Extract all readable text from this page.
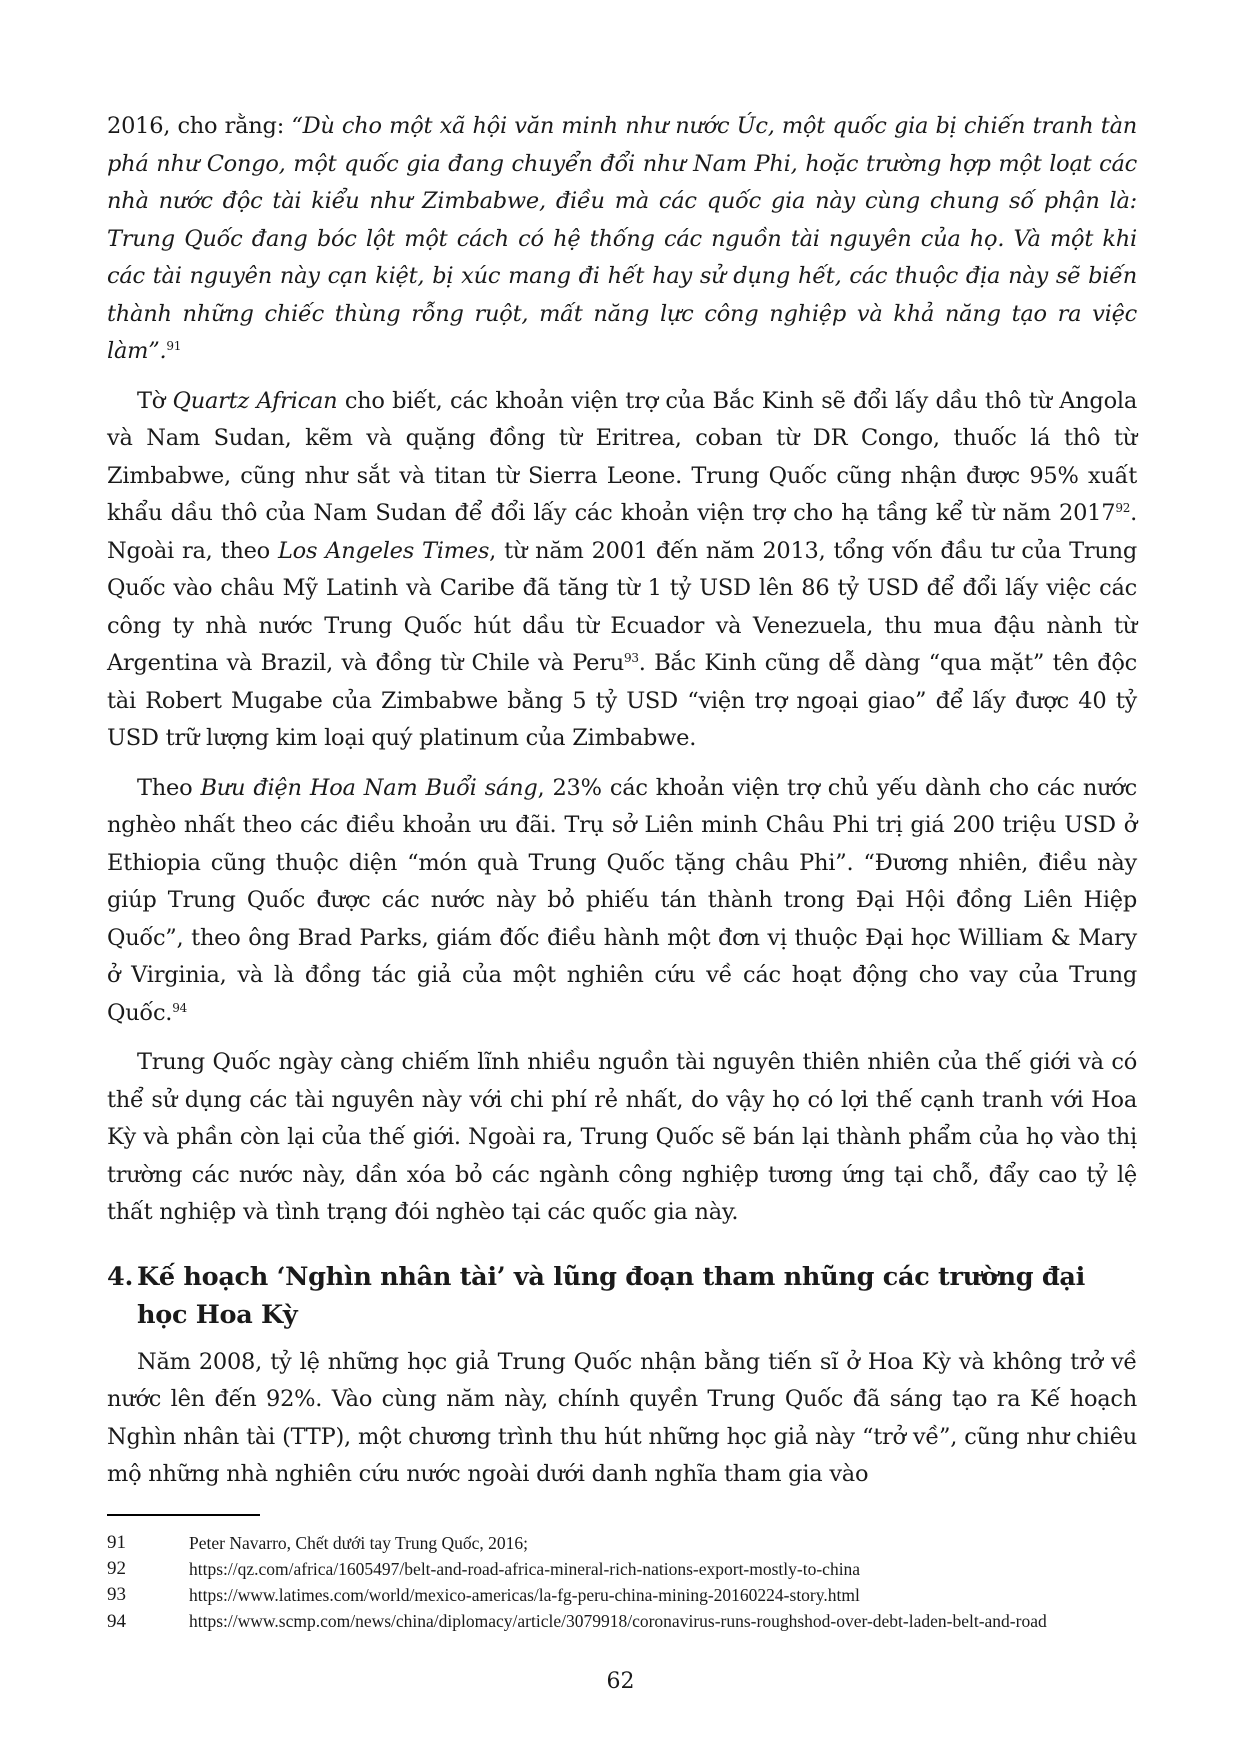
2016, cho rằng: “Dù cho một xã hội văn minh như nước Úc, một quốc gia bị chiến tranh tàn phá như Congo, một quốc gia đang chuyển đổi như Nam Phi, hoặc trường hợp một loạt các nhà nước độc tài kiểu như Zimbabwe, điều mà các quốc gia này cùng chung số phận là: Trung Quốc đang bóc lột một cách có hệ thống các nguồn tài nguyên của họ. Và một khi các tài nguyên này cạn kiệt, bị xúc mang đi hết hay sử dụng hết, các thuộc địa này sẽ biến thành những chiếc thùng rỗng ruột, mất năng lực công nghiệp và khả năng tạo ra việc làm”.$^{91}$

Tờ Quartz African cho biết, các khoản viện trợ của Bắc Kinh sẽ đổi lấy dầu thô từ Angola và Nam Sudan, kẽm và quặng đồng từ Eritrea, coban từ DR Congo, thuốc lá thô từ Zimbabwe, cũng như sắt và titan từ Sierra Leone. Trung Quốc cũng nhận được 95% xuất khẩu dầu thô của Nam Sudan để đổi lấy các khoản viện trợ cho hạ tầng kể từ năm 2017$^{92}$. Ngoài ra, theo Los Angeles Times, từ năm 2001 đến năm 2013, tổng vốn đầu tư của Trung Quốc vào châu Mỹ Latinh và Caribe đã tăng từ 1 tỷ USD lên 86 tỷ USD để đổi lấy việc các công ty nhà nước Trung Quốc hút dầu từ Ecuador và Venezuela, thu mua đậu nành từ Argentina và Brazil, và đồng từ Chile và Peru$^{93}$. Bắc Kinh cũng dễ dàng “qua mặt” tên độc tài Robert Mugabe của Zimbabwe bằng 5 tỷ USD “viện trợ ngoại giao” để lấy được 40 tỷ USD trữ lượng kim loại quý platinum của Zimbabwe.

Theo Bưu điện Hoa Nam Buổi sáng, 23% các khoản viện trợ chủ yếu dành cho các nước nghèo nhất theo các điều khoản ưu đãi. Trụ sở Liên minh Châu Phi trị giá 200 triệu USD ở Ethiopia cũng thuộc diện “món quà Trung Quốc tặng châu Phi”. “Đương nhiên, điều này giúp Trung Quốc được các nước này bỏ phiếu tán thành trong Đại Hội đồng Liên Hiệp Quốc”, theo ông Brad Parks, giám đốc điều hành một đơn vị thuộc Đại học William & Mary ở Virginia, và là đồng tác giả của một nghiên cứu về các hoạt động cho vay của Trung Quốc.$^{94}$

Trung Quốc ngày càng chiếm lĩnh nhiều nguồn tài nguyên thiên nhiên của thế giới và có thể sử dụng các tài nguyên này với chi phí rẻ nhất, do vậy họ có lợi thế cạnh tranh với Hoa Kỳ và phần còn lại của thế giới. Ngoài ra, Trung Quốc sẽ bán lại thành phẩm của họ vào thị trường các nước này, dần xóa bỏ các ngành công nghiệp tương ứng tại chỗ, đẩy cao tỷ lệ thất nghiệp và tình trạng đói nghèo tại các quốc gia này.

4. Kế hoạch ‘Nghìn nhân tài’ và lũng đoạn tham nhũng các trường đại học Hoa Kỳ

Năm 2008, tỷ lệ những học giả Trung Quốc nhận bằng tiến sĩ ở Hoa Kỳ và không trở về nước lên đến 92%. Vào cùng năm này, chính quyền Trung Quốc đã sáng tạo ra Kế hoạch Nghìn nhân tài (TTP), một chương trình thu hút những học giả này “trở về”, cũng như chiêu mộ những nhà nghiên cứu nước ngoài dưới danh nghĩa tham gia vào

91	Peter Navarro, Chết dưới tay Trung Quốc, 2016;
92	https://qz.com/africa/1605497/belt-and-road-africa-mineral-rich-nations-export-mostly-to-china
93	https://www.latimes.com/world/mexico-americas/la-fg-peru-china-mining-20160224-story.html
94	https://www.scmp.com/news/china/diplomacy/article/3079918/coronavirus-runs-roughshod-over-debt-laden-belt-and-road
62
